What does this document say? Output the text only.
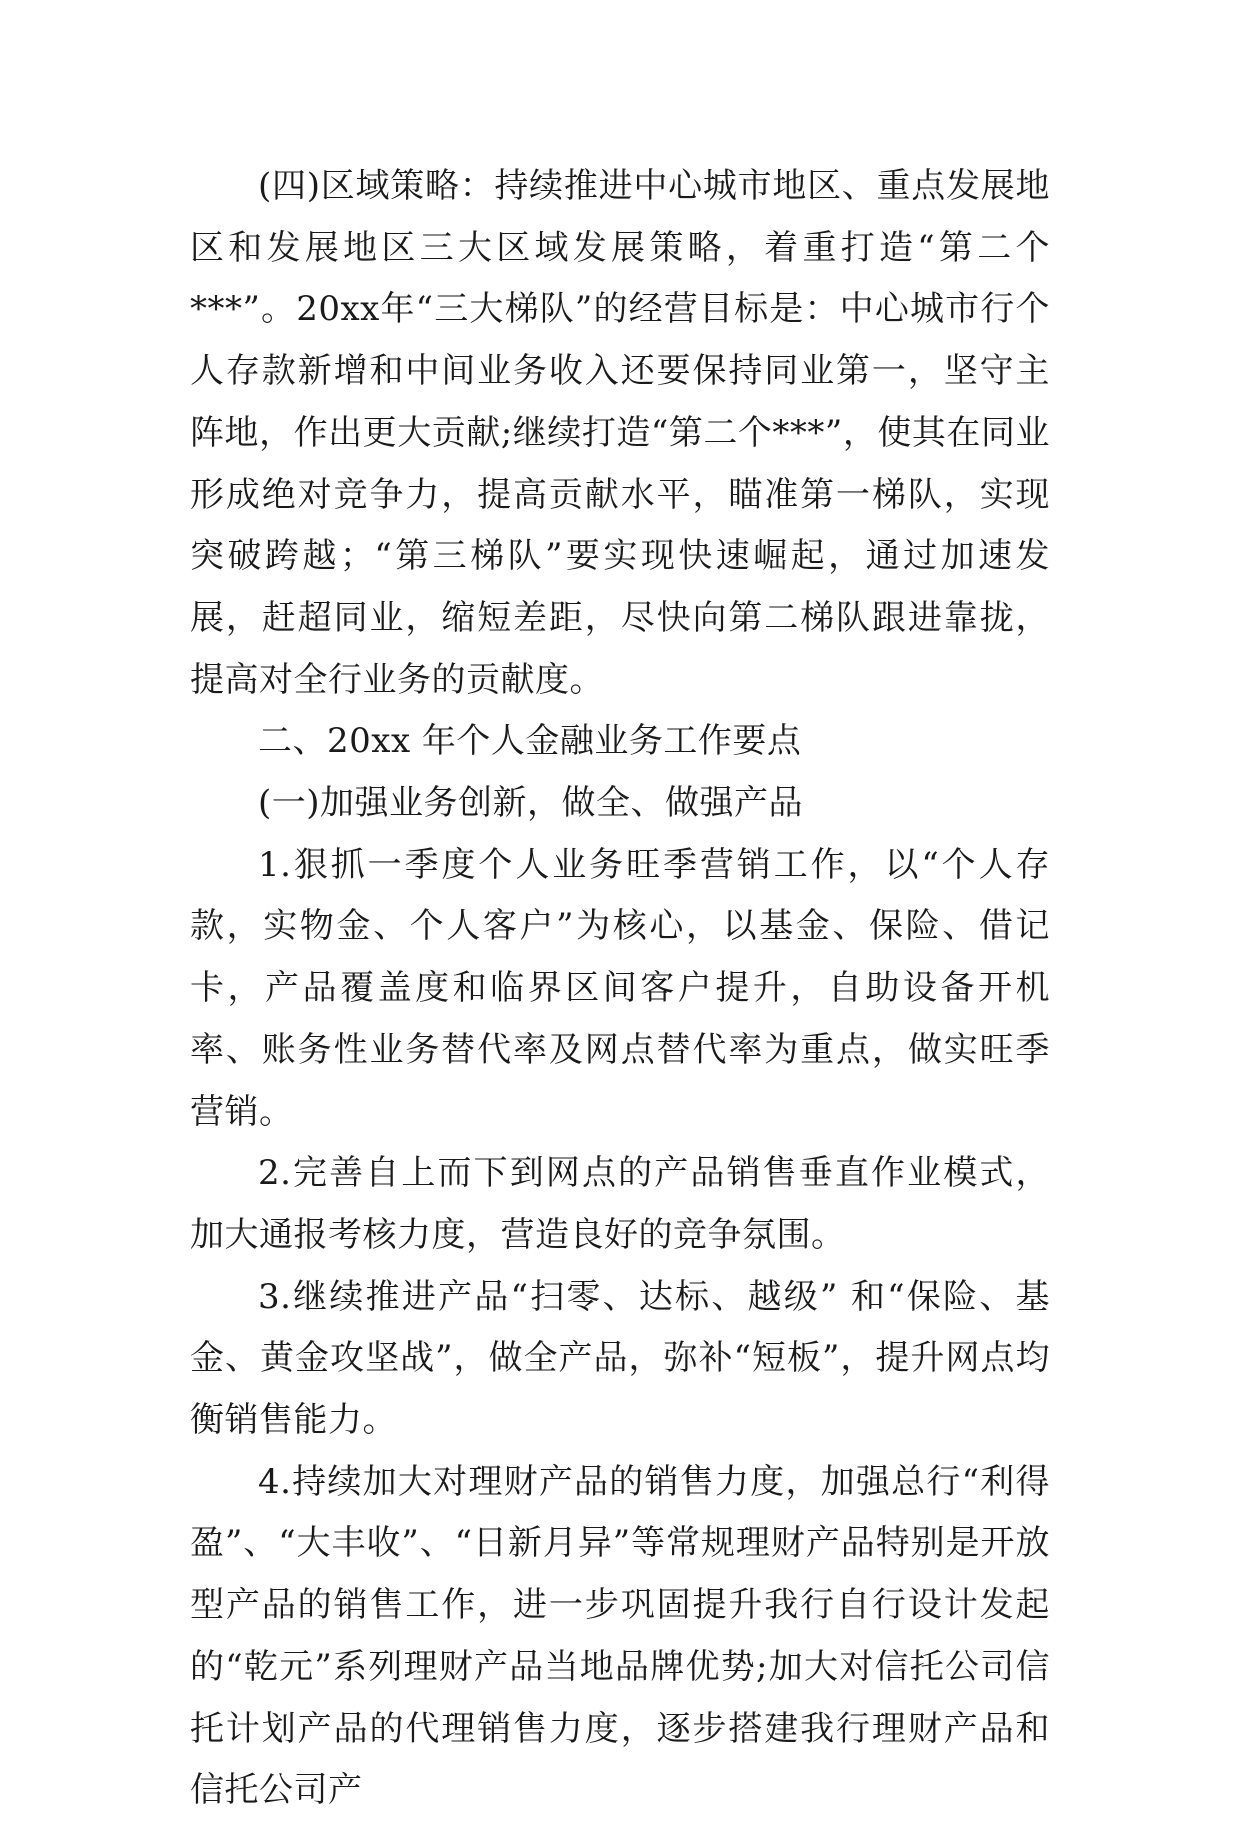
(四)区域策略：持续推进中心城市地区、重点发展地区和发展地区三大区域发展策略，着重打造“第二个***”。20xx年“三大梯队”的经营目标是：中心城市行个人存款新增和中间业务收入还要保持同业第一，坚守主阵地，作出更大贡献;继续打造“第二个***”，使其在同业形成绝对竞争力，提高贡献水平，瞄准第一梯队，实现突破跨越；“第三梯队”要实现快速崛起，通过加速发展，赶超同业，缩短差距，尽快向第二梯队跟进靠拢，提高对全行业务的贡献度。

二、20xx 年个人金融业务工作要点

(一)加强业务创新，做全、做强产品

1.狠抓一季度个人业务旺季营销工作，以“个人存款，实物金、个人客户”为核心，以基金、保险、借记卡，产品覆盖度和临界区间客户提升，自助设备开机率、账务性业务替代率及网点替代率为重点，做实旺季营销。

2.完善自上而下到网点的产品销售垂直作业模式，加大通报考核力度，营造良好的竞争氛围。

3.继续推进产品“扫零、达标、越级” 和“保险、基金、黄金攻坚战”，做全产品，弥补“短板”，提升网点均衡销售能力。

4.持续加大对理财产品的销售力度，加强总行“利得盈”、“大丰收”、“日新月异”等常规理财产品特别是开放型产品的销售工作，进一步巩固提升我行自行设计发起的“乾元”系列理财产品当地品牌优势;加大对信托公司信托计划产品的代理销售力度，逐步搭建我行理财产品和信托公司产
